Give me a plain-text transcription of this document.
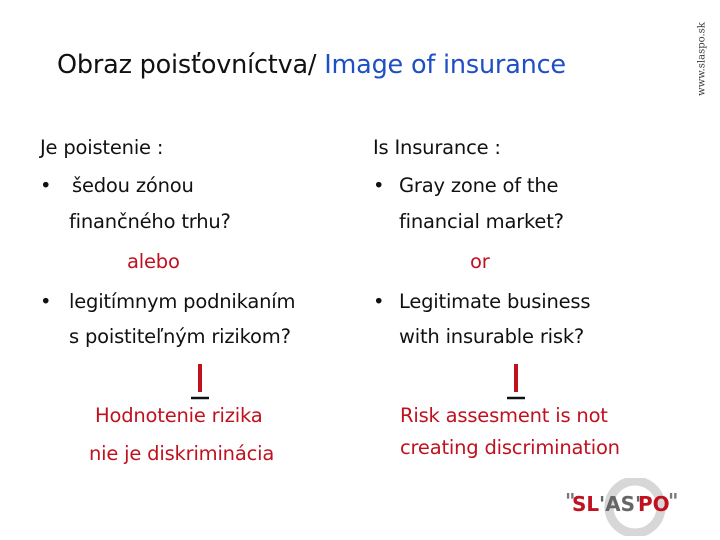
Obraz poisťovníctva/ Image of insurance	www.slaspo.sk
Je poistenie :
• šedou zónou
finančného trhu?
alebo
• legitímnym podnikaním
s poistiteľným rizikom?
Is Insurance :
• Gray zone of the
financial market?
or
• Legitimate business
with insurable risk?
Hodnotenie rizika
nie je diskriminácia
Risk assesment is not
creating discrimination
"
SL 'AS'
PO
"
